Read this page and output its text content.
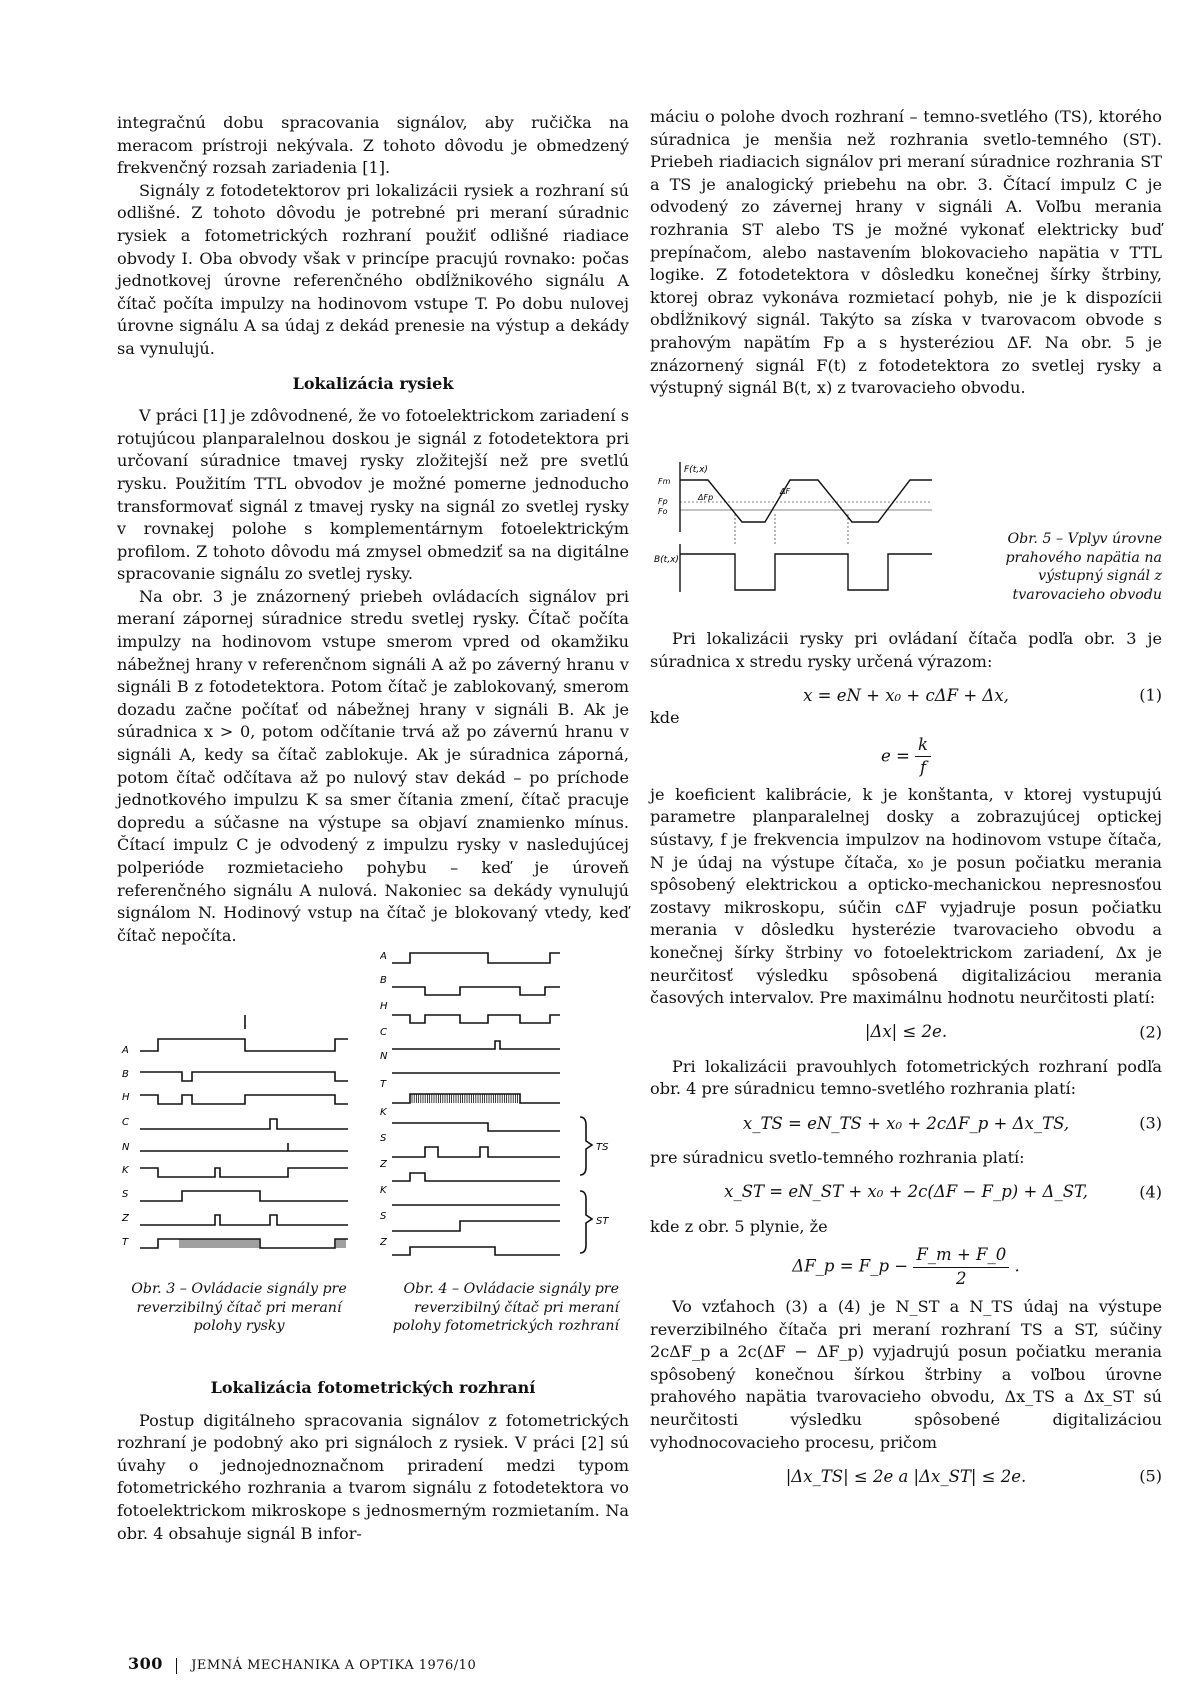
integračnú dobu spracovania signálov, aby ručička na meracom prístroji nekývala. Z tohoto dôvodu je obmedzený frekvenčný rozsah zariadenia [1].

Signály z fotodetektorov pri lokalizácii rysiek a rozhraní sú odlišné. Z tohoto dôvodu je potrebné pri meraní súradnic rysiek a fotometrických rozhraní použiť odlišné riadiace obvody I. Oba obvody však v princípe pracujú rovnako: počas jednotkovej úrovne referenčného obdĺžnikového signálu A čítač počíta impulzy na hodinovom vstupe T. Po dobu nulovej úrovne signálu A sa údaj z dekád prenesie na výstup a dekády sa vynulujú.

Lokalizácia rysiek

V práci [1] je zdôvodnené, že vo fotoelektrickom zariadení s rotujúcou planparalelnou doskou je signál z fotodetektora pri určovaní súradnice tmavej rysky zložitejší než pre svetlú rysku. Použitím TTL obvodov je možné pomerne jednoducho transformovať signál z tmavej rysky na signál zo svetlej rysky v rovnakej polohe s komplementárnym fotoelektrickým profilom. Z tohoto dôvodu má zmysel obmedziť sa na digitálne spracovanie signálu zo svetlej rysky.

Na obr. 3 je znázornený priebeh ovládacích signálov pri meraní zápornej súradnice stredu svetlej rysky. Čítač počíta impulzy na hodinovom vstupe smerom vpred od okamžiku nábežnej hrany v referenčnom signáli A až po záverný hranu v signáli B z fotodetektora. Potom čítač je zablokovaný, smerom dozadu začne počítať od nábežnej hrany v signáli B. Ak je súradnica x > 0, potom odčítanie trvá až po závernú hranu v signáli A, kedy sa čítač zablokuje. Ak je súradnica záporná, potom čítač odčítava až po nulový stav dekád – po príchode jednotkového impulzu K sa smer čítania zmení, čítač pracuje dopredu a súčasne na výstupe sa objaví znamienko mínus. Čítací impulz C je odvodený z impulzu rysky v nasledujúcej polperióde rozmietacieho pohybu – keď je úroveň referenčného signálu A nulová. Nakoniec sa dekády vynulujú signálom N. Hodinový vstup na čítač je blokovaný vtedy, keď čítač nepočíta.

A
B
H
C
N
K
S
Z
T
A
B
H
C
N
T
K
S
Z
K
S
Z
TS
ST
Obr. 3 – Ovládacie signály pre reverzibilný čítač pri meraní polohy rysky
Obr. 4 – Ovládacie signály pre reverzibilný čítač pri meraní polohy fotometrických rozhraní
Lokalizácia fotometrických rozhraní

Postup digitálneho spracovania signálov z fotometrických rozhraní je podobný ako pri signáloch z rysiek. V práci [2] sú úvahy o jednojednoznačnom priradení medzi typom fotometrického rozhrania a tvarom signálu z fotodetektora vo fotoelektrickom mikroskope s jednosmerným rozmietaním. Na obr. 4 obsahuje signál B infor-

máciu o polohe dvoch rozhraní – temno-svetlého (TS), ktorého súradnica je menšia než rozhrania svetlo-temného (ST). Priebeh riadiacich signálov pri meraní súradnice rozhrania ST a TS je analogický priebehu na obr. 3. Čítací impulz C je odvodený zo závernej hrany v signáli A. Voľbu merania rozhrania ST alebo TS je možné vykonať elektricky buď prepínačom, alebo nastavením blokovacieho napätia v TTL logike. Z fotodetektora v dôsledku konečnej šírky štrbiny, ktorej obraz vykonáva rozmietací pohyb, nie je k dispozícii obdĺžnikový signál. Takýto sa získa v tvarovacom obvode s prahovým napätím Fp a s hysteréziou ΔF. Na obr. 5 je znázornený signál F(t) z fotodetektora zo svetlej rysky a výstupný signál B(t, x) z tvarovacieho obvodu.

F(t,x)
Fm
Fp
Fo
ΔFp
ΔF
B(t,x)
Obr. 5 – Vplyv úrovne prahového napätia na výstupný signál z tvarovacieho obvodu

Pri lokalizácii rysky pri ovládaní čítača podľa obr. 3 je súradnica x stredu rysky určená výrazom:

x = eN + x₀ + cΔF + Δx,	(1)
kde
$e = \frac{k}{f}$

je koeficient kalibrácie, k je konštanta, v ktorej vystupujú parametre planparalelnej dosky a zobrazujúcej optickej sústavy, f je frekvencia impulzov na hodinovom vstupe čítača, N je údaj na výstupe čítača, x₀ je posun počiatku merania spôsobený elektrickou a opticko-mechanickou nepresnosťou zostavy mikroskopu, súčin cΔF vyjadruje posun počiatku merania v dôsledku hysterézie tvarovacieho obvodu a konečnej šírky štrbiny vo fotoelektrickom zariadení, Δx je neurčitosť výsledku spôsobená digitalizáciou merania časových intervalov. Pre maximálnu hodnotu neurčitosti platí:

|Δx| ≤ 2e.	(2)

Pri lokalizácii pravouhlych fotometrických rozhraní podľa obr. 4 pre súradnicu temno-svetlého rozhrania platí:

x_TS = eN_TS + x₀ + 2cΔF_p + Δx_TS,	(3)

pre súradnicu svetlo-temného rozhrania platí:

x_ST = eN_ST + x₀ + 2c(ΔF − F_p) + Δ_ST,	(4)

kde z obr. 5 plynie, že

ΔF_p = F_p − $\frac{F\_m + F\_0}{2}$ .

Vo vzťahoch (3) a (4) je N_ST a N_TS údaj na výstupe reverzibilného čítača pri meraní rozhraní TS a ST, súčiny 2cΔF_p a 2c(ΔF − ΔF_p) vyjadrujú posun počiatku merania spôsobený konečnou šírkou štrbiny a voľbou úrovne prahového napätia tvarovacieho obvodu, Δx_TS a Δx_ST sú neurčitosti výsledku spôsobené digitalizáciou vyhodnocovacieho procesu, pričom

|Δx_TS| ≤ 2e a |Δx_ST| ≤ 2e.	(5)
300 JEMNÁ MECHANIKA A OPTIKA 1976/10
